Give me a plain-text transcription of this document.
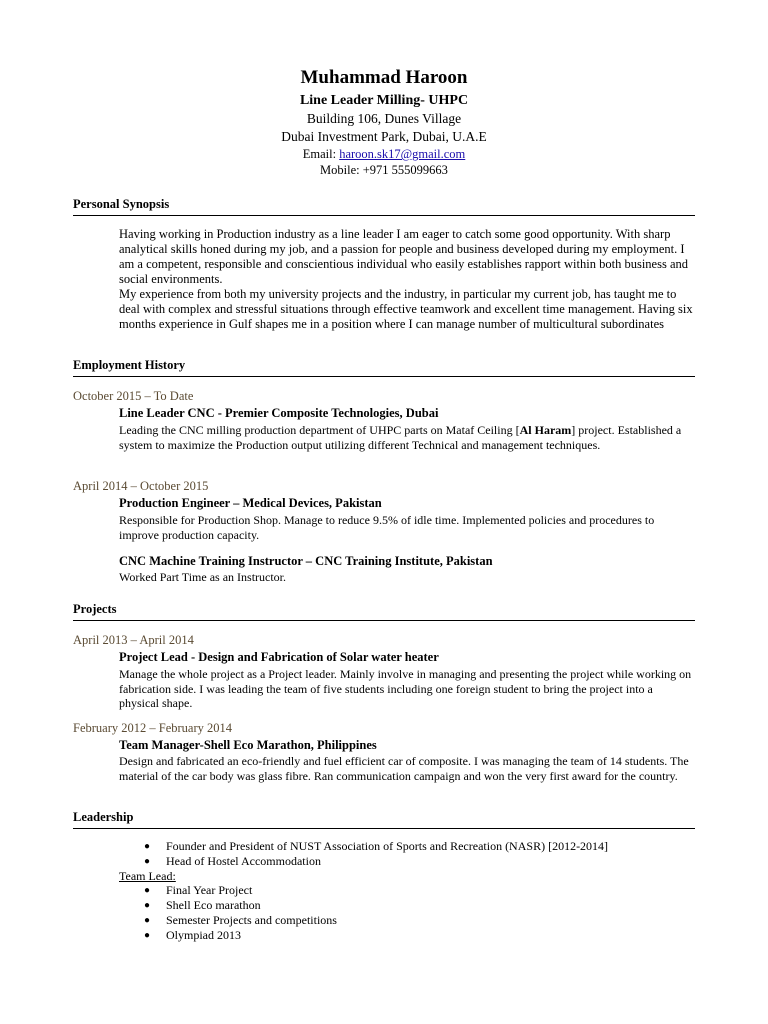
Muhammad Haroon
Line Leader Milling- UHPC
Building 106, Dunes Village
Dubai Investment Park, Dubai, U.A.E
Email: haroon.sk17@gmail.com
Mobile: +971 555099663
Personal Synopsis
Having working in Production industry as a line leader I am eager to catch some good opportunity. With sharp analytical skills honed during my job, and a passion for people and business developed during my employment. I am a competent, responsible and conscientious individual who easily establishes rapport within both business and social environments.
My experience from both my university projects and the industry, in particular my current job, has taught me to deal with complex and stressful situations through effective teamwork and excellent time management. Having six months experience in Gulf shapes me in a position where I can manage number of multicultural subordinates
Employment History
October 2015 – To Date
Line Leader CNC - Premier Composite Technologies, Dubai
Leading the CNC milling production department of UHPC parts on Mataf Ceiling [Al Haram] project. Established a system to maximize the Production output utilizing different Technical and management techniques.
April 2014 – October 2015
Production Engineer – Medical Devices, Pakistan
Responsible for Production Shop. Manage to reduce 9.5% of idle time. Implemented policies and procedures to improve production capacity.
CNC Machine Training Instructor – CNC Training Institute, Pakistan
Worked Part Time as an Instructor.
Projects
April 2013 – April 2014
Project Lead - Design and Fabrication of Solar water heater
Manage the whole project as a Project leader. Mainly involve in managing and presenting the project while working on fabrication side. I was leading the team of five students including one foreign student to bring the project into a physical shape.
February 2012 – February 2014
Team Manager-Shell Eco Marathon, Philippines
Design and fabricated an eco-friendly and fuel efficient car of composite. I was managing the team of 14 students. The material of the car body was glass fibre. Ran communication campaign and won the very first award for the country.
Leadership
● Founder and President of NUST Association of Sports and Recreation (NASR) [2012-2014]
● Head of Hostel Accommodation
Team Lead:
● Final Year Project
● Shell Eco marathon
● Semester Projects and competitions
● Olympiad 2013
